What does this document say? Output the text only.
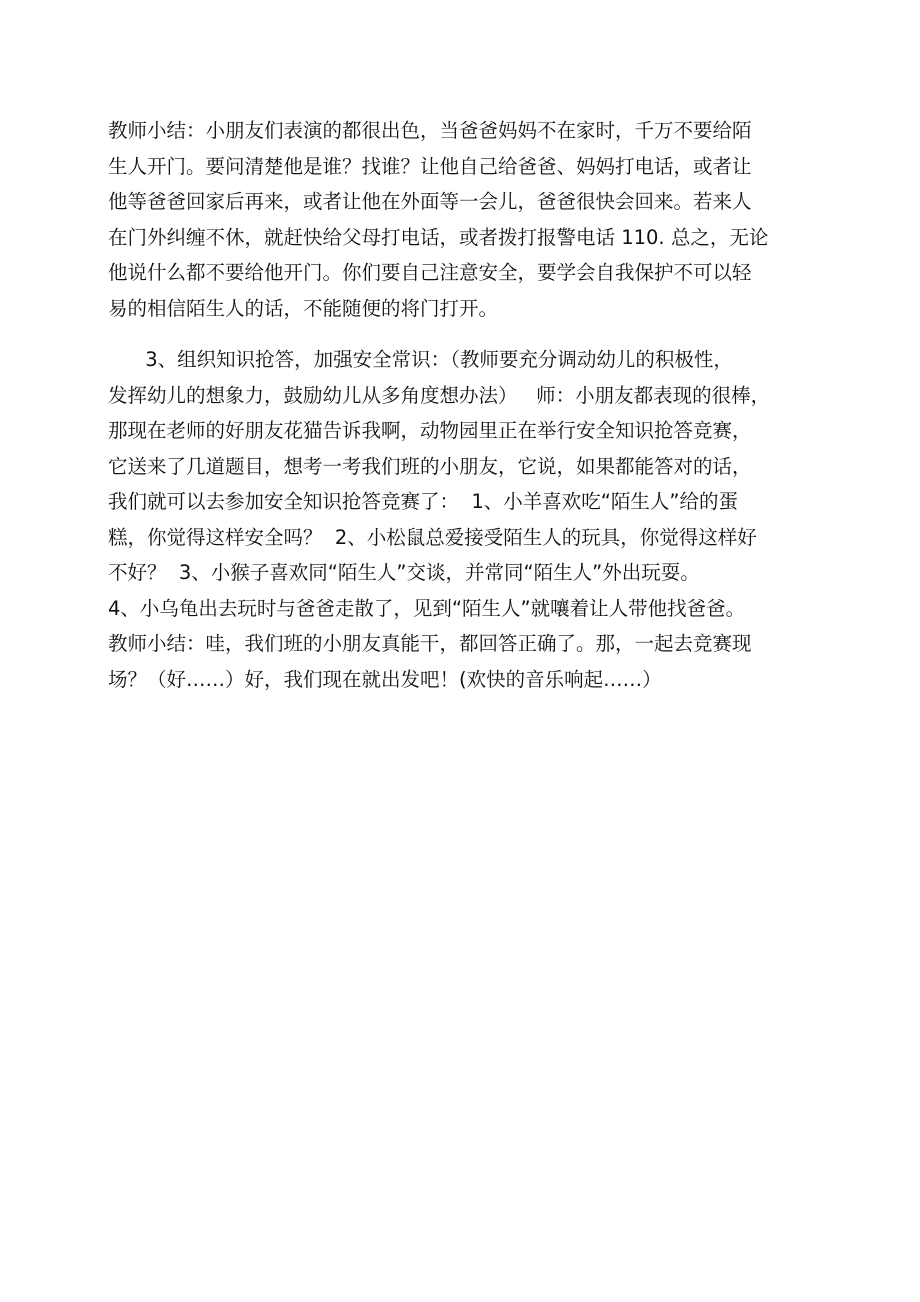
教师小结：小朋友们表演的都很出色，当爸爸妈妈不在家时，千万不要给陌
生人开门。要问清楚他是谁？找谁？让他自己给爸爸、妈妈打电话，或者让
他等爸爸回家后再来，或者让他在外面等一会儿，爸爸很快会回来。若来人
在门外纠缠不休，就赶快给父母打电话，或者拨打报警电话 110. 总之，无论
他说什么都不要给他开门。你们要自己注意安全，要学会自我保护不可以轻
易的相信陌生人的话，不能随便的将门打开。
3、组织知识抢答，加强安全常识：（教师要充分调动幼儿的积极性，
发挥幼儿的想象力，鼓励幼儿从多角度想办法）   师：小朋友都表现的很棒，
那现在老师的好朋友花猫告诉我啊，动物园里正在举行安全知识抢答竞赛，
它送来了几道题目，想考一考我们班的小朋友，它说，如果都能答对的话，
我们就可以去参加安全知识抢答竞赛了：  1、小羊喜欢吃“陌生人”给的蛋
糕，你觉得这样安全吗？  2、小松鼠总爱接受陌生人的玩具，你觉得这样好
不好？  3、小猴子喜欢同“陌生人”交谈，并常同“陌生人”外出玩耍。
4、小乌龟出去玩时与爸爸走散了，见到“陌生人”就嚷着让人带他找爸爸。
教师小结：哇，我们班的小朋友真能干，都回答正确了。那，一起去竞赛现
场？（好……）好，我们现在就出发吧！(欢快的音乐响起……）
